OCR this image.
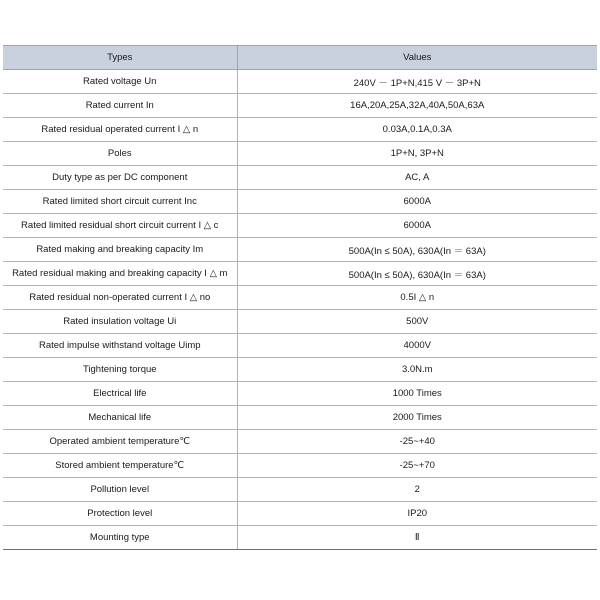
Types	Values
Rated voltage Un	240V － 1P+N,415 V － 3P+N
Rated current In	16A,20A,25A,32A,40A,50A,63A
Rated residual operated current I △ n	0.03A,0.1A,0.3A
Poles	1P+N, 3P+N
Duty type as per DC component	AC, A
Rated limited short circuit current Inc	6000A
Rated limited residual short circuit current I △ c	6000A
Rated making and breaking capacity Im	500A(In ≤ 50A), 630A(In ＝ 63A)
Rated residual making and breaking capacity I △ m	500A(In ≤ 50A), 630A(In ＝ 63A)
Rated residual non-operated current I △ no	0.5I △ n
Rated insulation voltage Ui	500V
Rated impulse withstand voltage Uimp	4000V
Tightening torque	3.0N.m
Electrical life	1000 Times
Mechanical life	2000 Times
Operated ambient temperature℃	-25~+40
Stored ambient temperature℃	-25~+70
Pollution level	2
Protection level	IP20
Mounting type	Ⅱ
